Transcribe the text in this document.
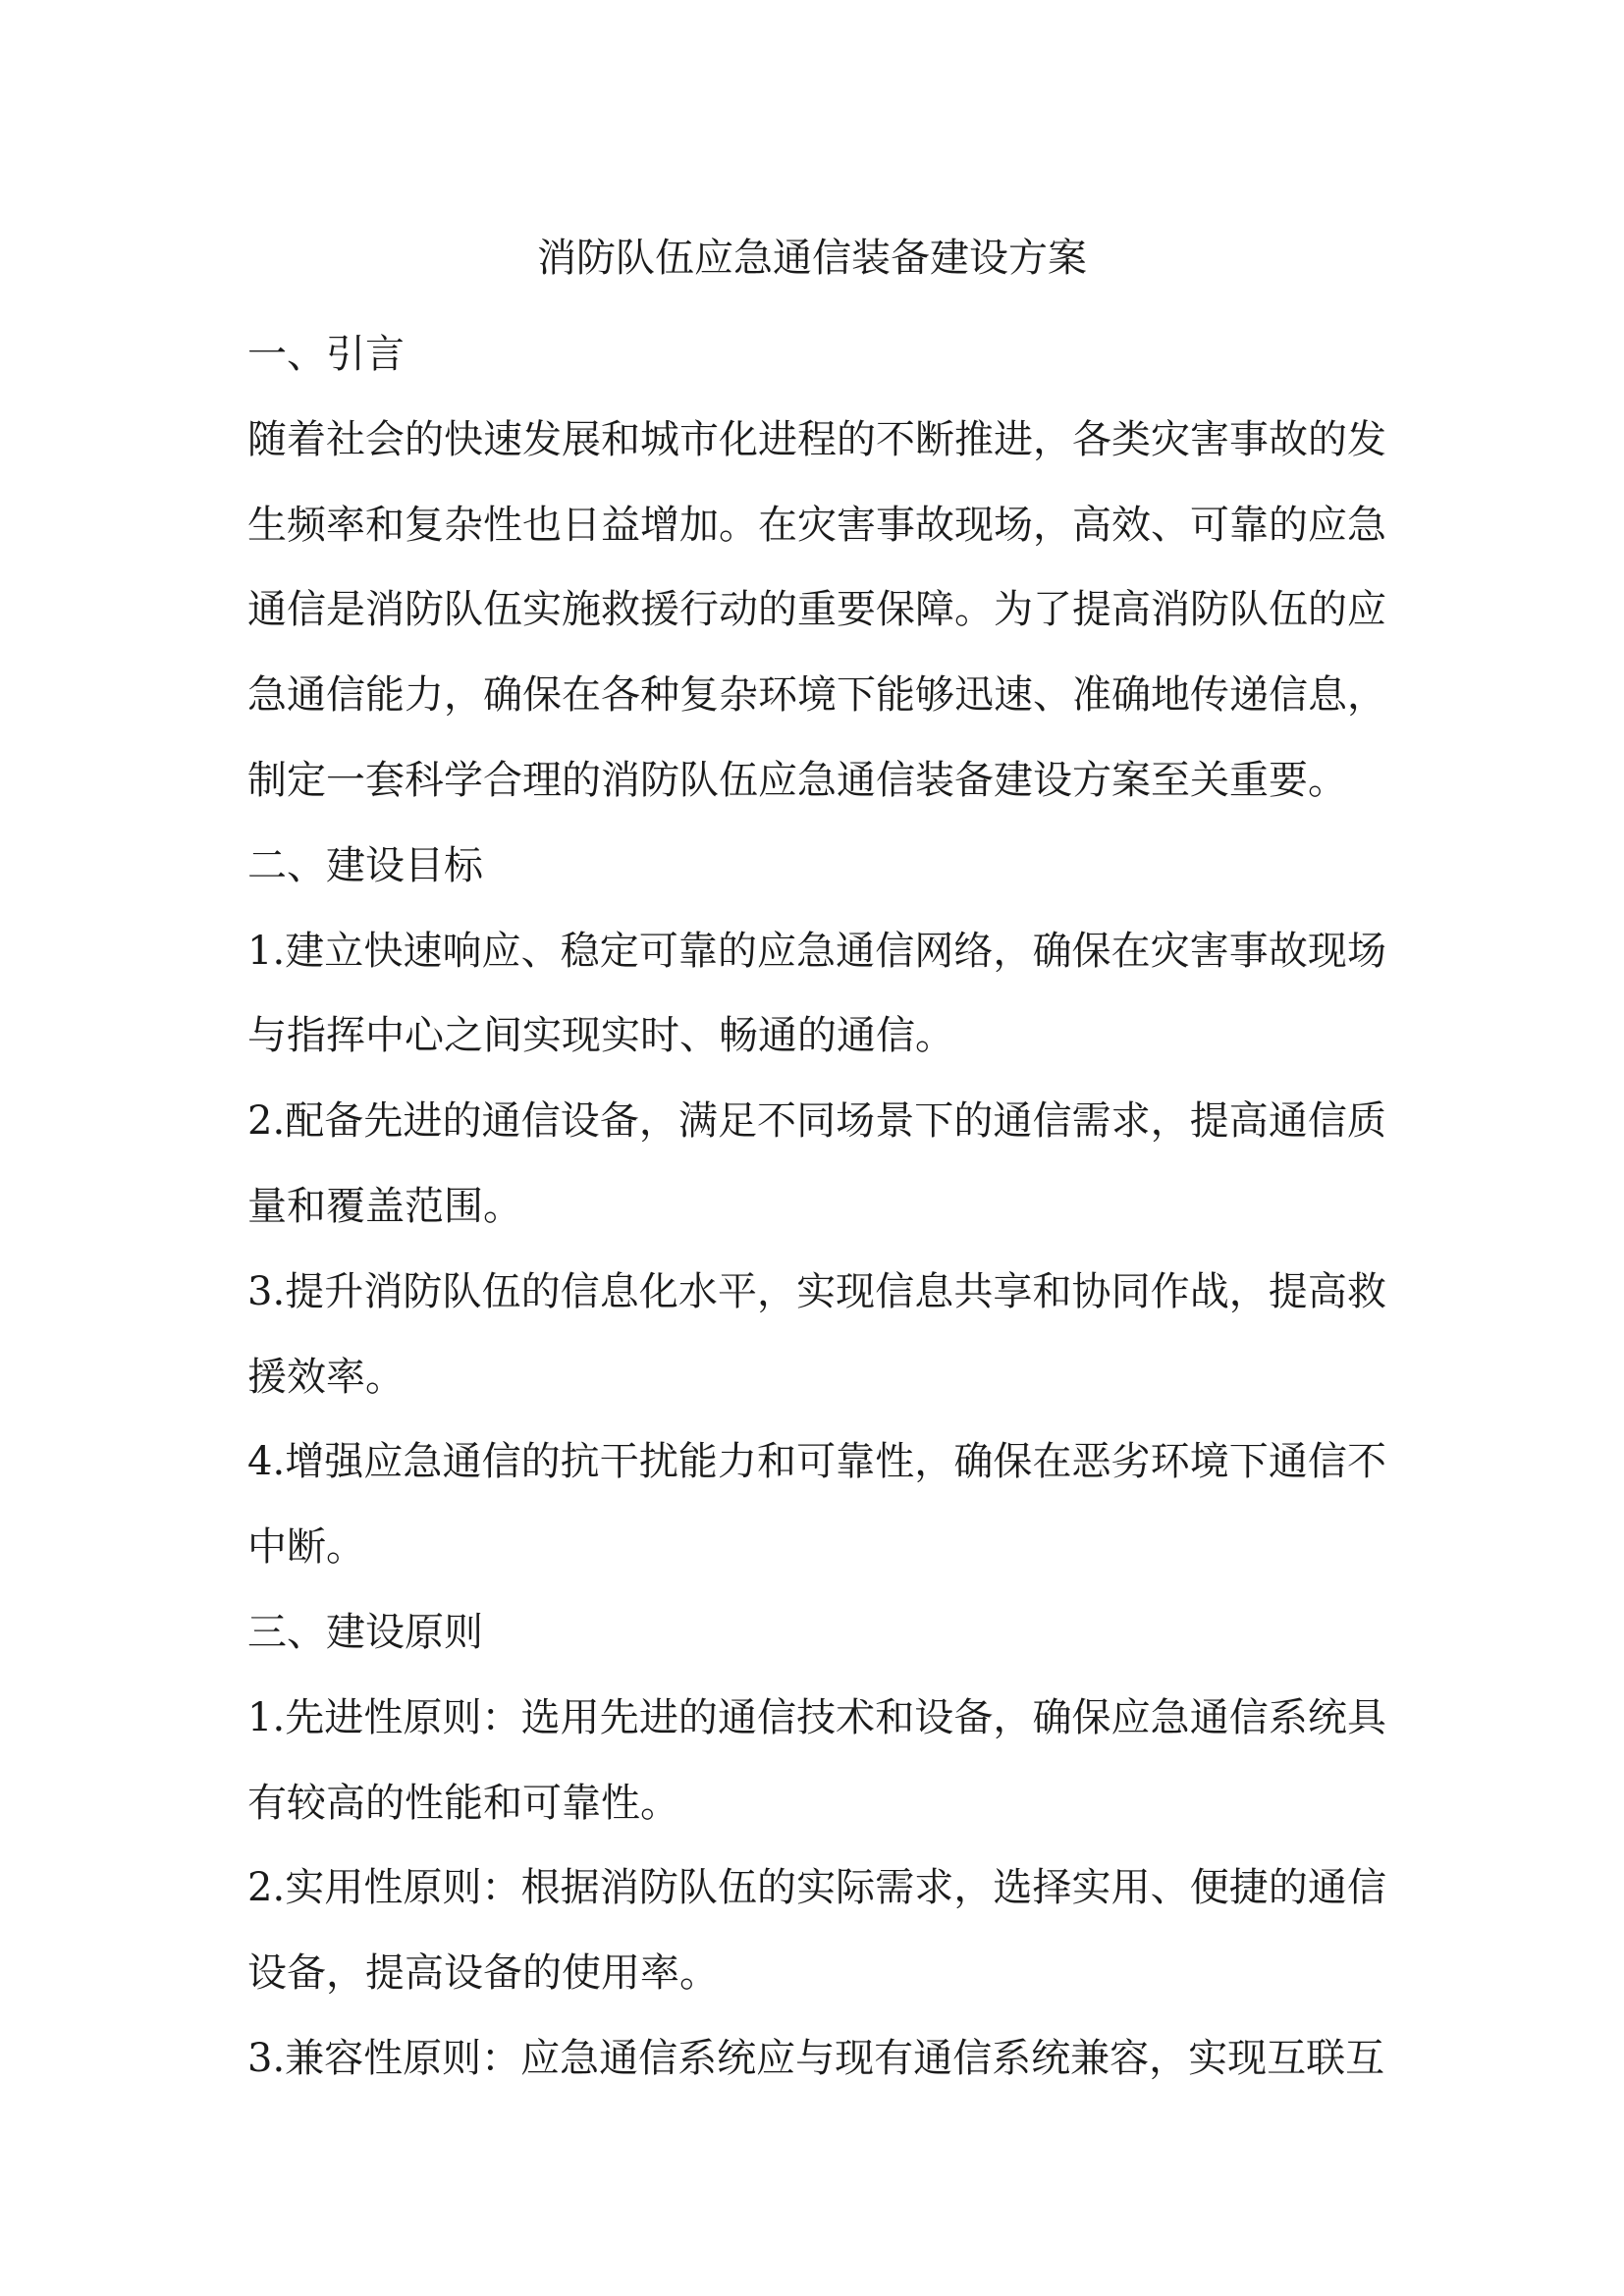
消防队伍应急通信装备建设方案

一、引言

随着社会的快速发展和城市化进程的不断推进，各类灾害事故的发生频率和复杂性也日益增加。在灾害事故现场，高效、可靠的应急通信是消防队伍实施救援行动的重要保障。为了提高消防队伍的应急通信能力，确保在各种复杂环境下能够迅速、准确地传递信息，制定一套科学合理的消防队伍应急通信装备建设方案至关重要。

二、建设目标

1.建立快速响应、稳定可靠的应急通信网络，确保在灾害事故现场与指挥中心之间实现实时、畅通的通信。

2.配备先进的通信设备，满足不同场景下的通信需求，提高通信质量和覆盖范围。

3.提升消防队伍的信息化水平，实现信息共享和协同作战，提高救援效率。

4.增强应急通信的抗干扰能力和可靠性，确保在恶劣环境下通信不中断。

三、建设原则

1.先进性原则：选用先进的通信技术和设备，确保应急通信系统具有较高的性能和可靠性。

2.实用性原则：根据消防队伍的实际需求，选择实用、便捷的通信设备，提高设备的使用率。

3.兼容性原则：应急通信系统应与现有通信系统兼容，实现互联互
